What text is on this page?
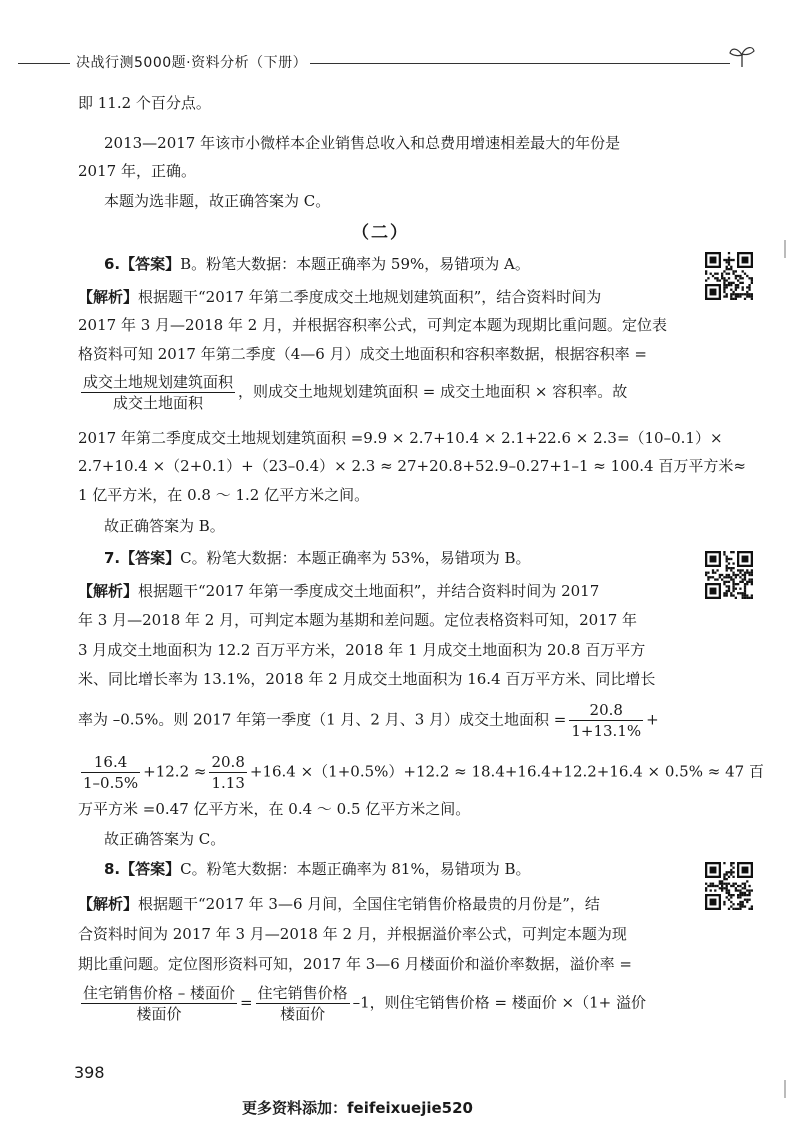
决战行测5000题·资料分析（下册）

即 11.2 个百分点。

2013—2017 年该市小微样本企业销售总收入和总费用增速相差最大的年份是

2017 年，正确。

本题为选非题，故正确答案为 C。

（二）

6.【答案】B。粉笔大数据：本题正确率为 59%，易错项为 A。

【解析】根据题干“2017 年第二季度成交土地规划建筑面积”，结合资料时间为

2017 年 3 月—2018 年 2 月，并根据容积率公式，可判定本题为现期比重问题。定位表

格资料可知 2017 年第二季度（4—6 月）成交土地面积和容积率数据，根据容积率 =

$\frac{\text{成交土地规划建筑面积}}{\text{成交土地面积}}$ ，则成交土地规划建筑面积 = 成交土地面积 × 容积率。故

2017 年第二季度成交土地规划建筑面积 =9.9 × 2.7+10.4 × 2.1+22.6 × 2.3=（10–0.1）×

2.7+10.4 ×（2+0.1）+（23–0.4）× 2.3 ≈ 27+20.8+52.9–0.27+1–1 ≈ 100.4 百万平方米≈

1 亿平方米，在 0.8 ～ 1.2 亿平方米之间。

故正确答案为 B。

7.【答案】C。粉笔大数据：本题正确率为 53%，易错项为 B。

【解析】根据题干“2017 年第一季度成交土地面积”，并结合资料时间为 2017

年 3 月—2018 年 2 月，可判定本题为基期和差问题。定位表格资料可知，2017 年

3 月成交土地面积为 12.2 百万平方米，2018 年 1 月成交土地面积为 20.8 百万平方

米、同比增长率为 13.1%，2018 年 2 月成交土地面积为 16.4 百万平方米、同比增长

率为 –0.5%。则 2017 年第一季度（1 月、2 月、3 月）成交土地面积 = $\frac{20.8}{1+13.1\%}$ +

$\frac{16.4}{1-0.5\%} +12.2 \approx \frac{20.8}{1.13} +16.4 \times(1+0.5\%)+12.2 \approx 18.4+16.4+12.2+16.4 \times 0.5\% \approx 47$ 百

万平方米 =0.47 亿平方米，在 0.4 ～ 0.5 亿平方米之间。

故正确答案为 C。

8.【答案】C。粉笔大数据：本题正确率为 81%，易错项为 B。

【解析】根据题干“2017 年 3—6 月间，全国住宅销售价格最贵的月份是”，结

合资料时间为 2017 年 3 月—2018 年 2 月，并根据溢价率公式，可判定本题为现

期比重问题。定位图形资料可知，2017 年 3—6 月楼面价和溢价率数据，溢价率 =

$\frac{\text{住宅销售价格 – 楼面价}}{\text{楼面价}} = \frac{\text{住宅销售价格}}{\text{楼面价}} -1$，则住宅销售价格 = 楼面价 ×（1+ 溢价

398
更多资料添加：feifeixuejie520
